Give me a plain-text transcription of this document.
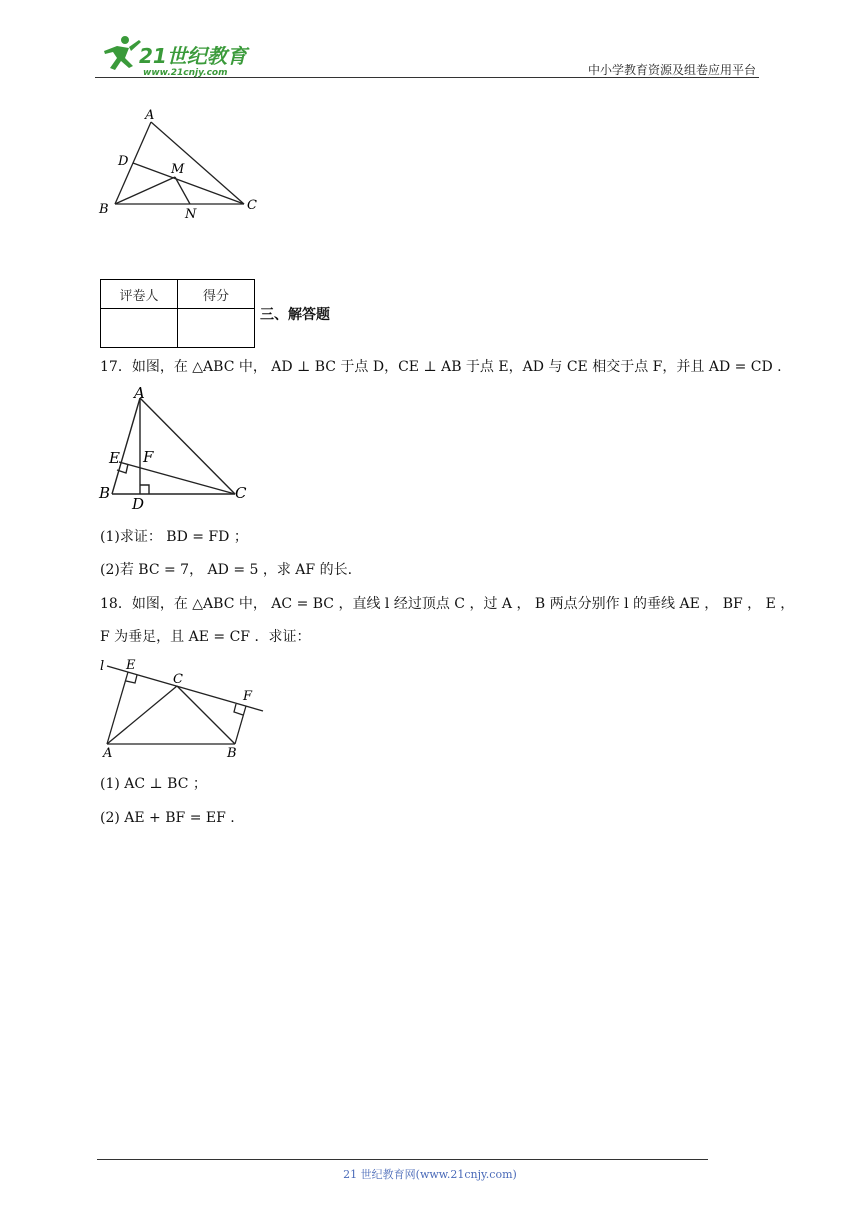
21世纪教育
www.21cnjy.com	中小学教育资源及组卷应用平台
A
D
M
B	N
C
评卷人	得分

三、解答题
17．如图，在 △ABC 中， AD ⊥ BC 于点 D，CE ⊥ AB 于点 E，AD 与 CE 相交于点 F，并且 AD = CD .
A
E F
B
D
C
(1)求证： BD = FD ；
(2)若 BC = 7， AD = 5 ，求 AF 的长.
18．如图，在 △ABC 中， AC = BC ，直线 l 经过顶点 C ，过 A ， B 两点分别作 l 的垂线 AE ， BF ， E ，
F 为垂足，且 AE = CF ．求证：
l E
C
F
A	B
(1) AC ⊥ BC ；
(2) AE + BF = EF .
21 世纪教育网(www.21cnjy.com)
